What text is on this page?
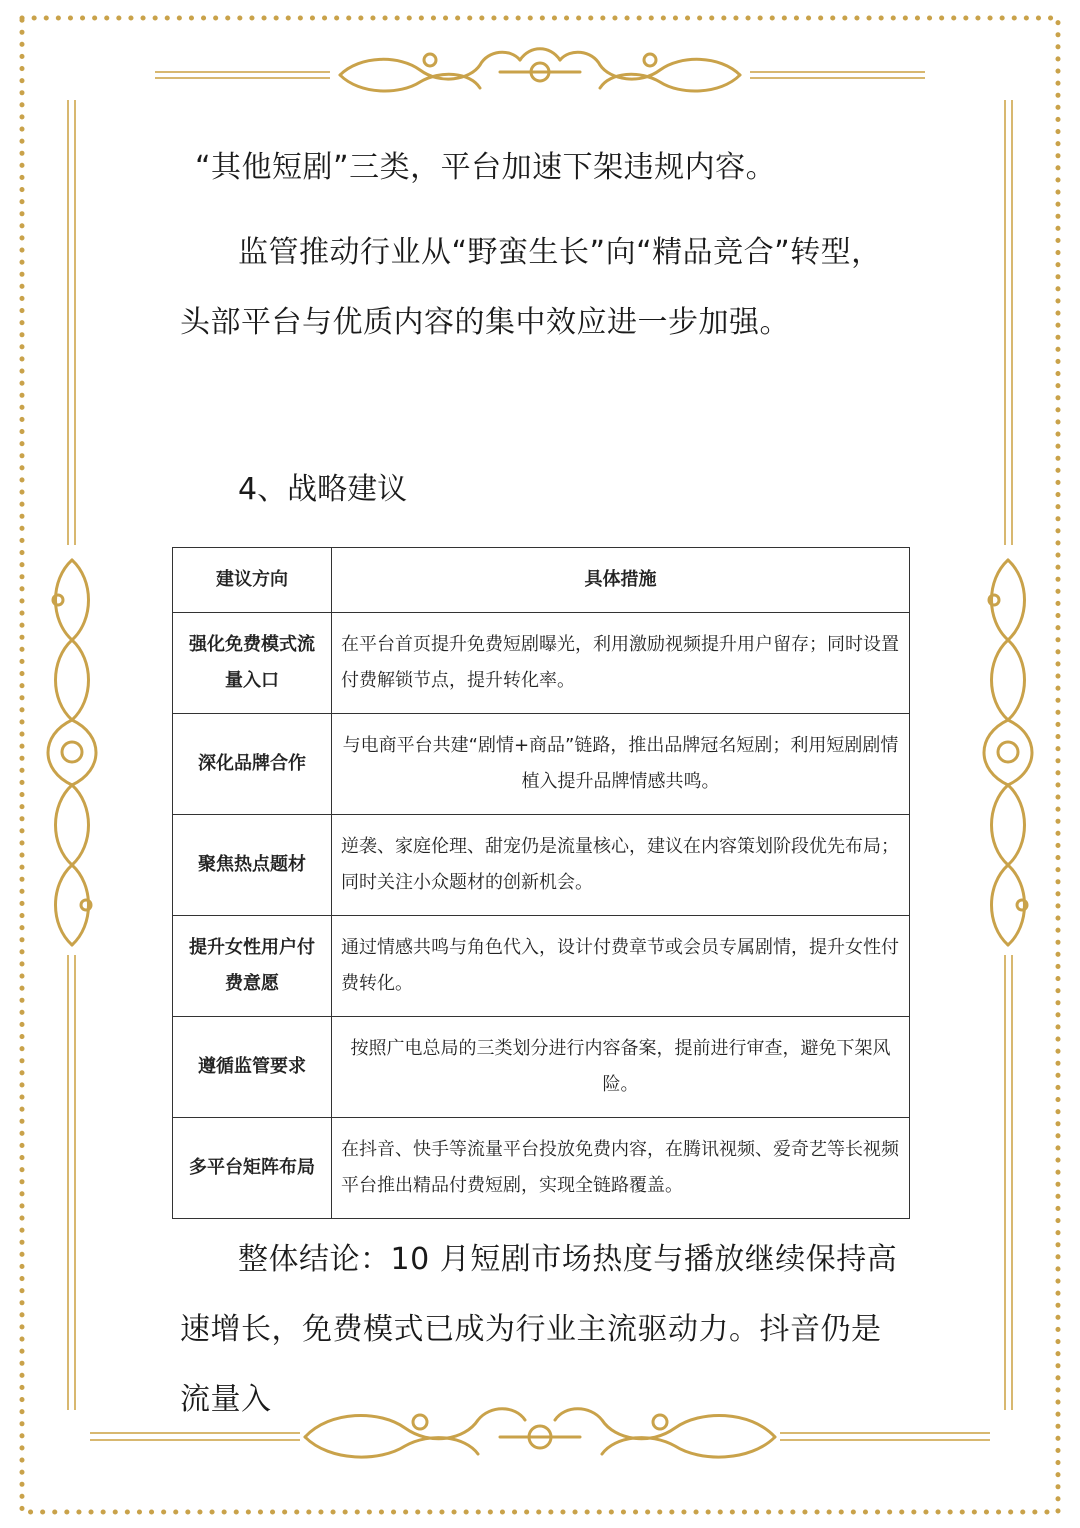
“其他短剧”三类，平台加速下架违规内容。

监管推动行业从“野蛮生长”向“精品竞合”转型，头部平台与优质内容的集中效应进一步加强。

4、战略建议

建议方向	具体措施
强化免费模式流量入口	在平台首页提升免费短剧曝光，利用激励视频提升用户留存；同时设置付费解锁节点，提升转化率。
深化品牌合作	与电商平台共建“剧情+商品”链路，推出品牌冠名短剧；利用短剧剧情植入提升品牌情感共鸣。
聚焦热点题材	逆袭、家庭伦理、甜宠仍是流量核心，建议在内容策划阶段优先布局；同时关注小众题材的创新机会。
提升女性用户付费意愿	通过情感共鸣与角色代入，设计付费章节或会员专属剧情，提升女性付费转化。
遵循监管要求	按照广电总局的三类划分进行内容备案，提前进行审查，避免下架风险。
多平台矩阵布局	在抖音、快手等流量平台投放免费内容，在腾讯视频、爱奇艺等长视频平台推出精品付费短剧，实现全链路覆盖。

整体结论：10 月短剧市场热度与播放继续保持高速增长，免费模式已成为行业主流驱动力。抖音仍是流量入
